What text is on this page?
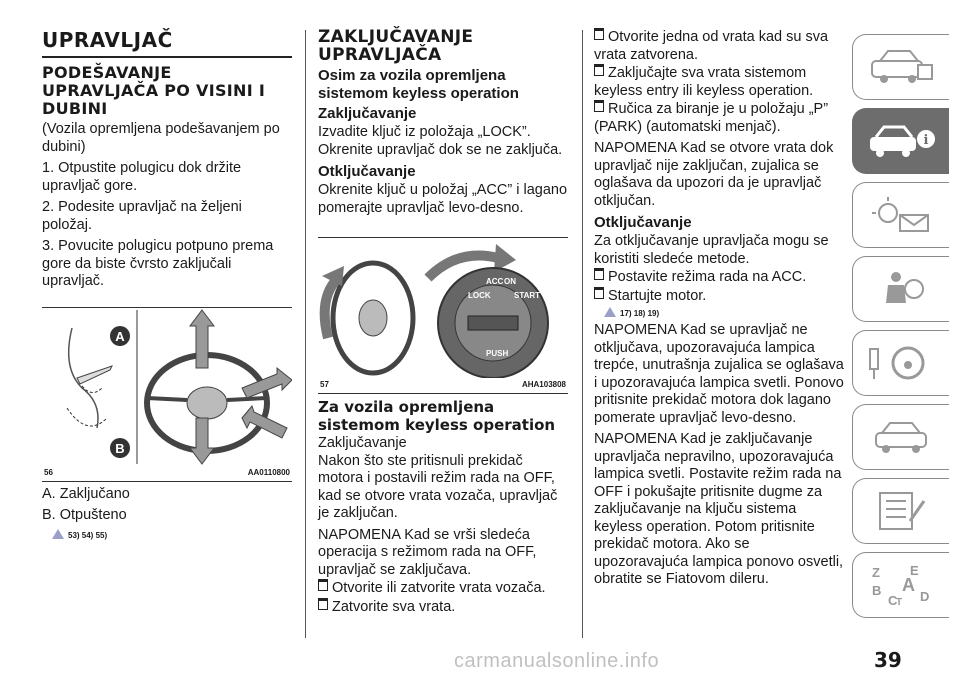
UPRAVLJAČ
PODEŠAVANJE UPRAVLJAČA PO VISINI I DUBINI

(Vozila opremljena podešavanjem po dubini)

1. Otpustite polugicu dok držite upravljač gore.

2. Podesite upravljač na željeni položaj.

3. Povucite polugicu potpuno prema gore da biste čvrsto zaključali upravljač.

A
B
56	AA0110800

A. Zaključano

B. Otpušteno

53) 54) 55)
ZAKLJUČAVANJE UPRAVLJAČA
Osim za vozila opremljena sistemom keyless operation
Zaključavanje

Izvadite ključ iz položaja „LOCK”. Okrenite upravljač dok se ne zaključa.

Otključavanje

Okrenite ključ u položaj „ACC” i lagano pomerajte upravljač levo-desno.

LOCK
ACC ON
START
PUSH
57	AHA103808
Za vozila opremljena sistemom keyless operation

Zaključavanje

Nakon što ste pritisnuli prekidač motora i postavili režim rada na OFF, kad se otvore vrata vozača, upravljač je zaključan.

NAPOMENA Kad se vrši sledeća operacija s režimom rada na OFF, upravljač se zaključava.

Otvorite ili zatvorite vrata vozača.
Zatvorite sva vrata.
Otvorite jedna od vrata kad su sva vrata zatvorena.
Zaključajte sva vrata sistemom keyless entry ili keyless operation.
Ručica za biranje je u položaju „P” (PARK) (automatski menjač).

NAPOMENA Kad se otvore vrata dok upravljač nije zaključan, zujalica se oglašava da upozori da je upravljač otključan.

Otključavanje

Za otključavanje upravljača mogu se koristiti sledeće metode.

Postavite režima rada na ACC.
Startujte motor.
17) 18) 19)

NAPOMENA Kad se upravljač ne otključava, upozoravajuća lampica trepće, unutrašnja zujalica se oglašava i upozoravajuća lampica svetli. Ponovo pritisnite prekidač motora dok lagano pomerate upravljač levo-desno.

NAPOMENA Kad je zaključavanje upravljača nepravilno, upozoravajuća lampica svetli. Postavite režim rada na OFF i pokušajte pritisnite dugme za zaključavanje na ključu sistema keyless operation. Potom pritisnite prekidač motora. Ako se upozoravajuća lampica ponovo osvetli, obratite se Fiatovom dileru.

i
Z E
B A
C D
T
carmanualsonline.info	39
